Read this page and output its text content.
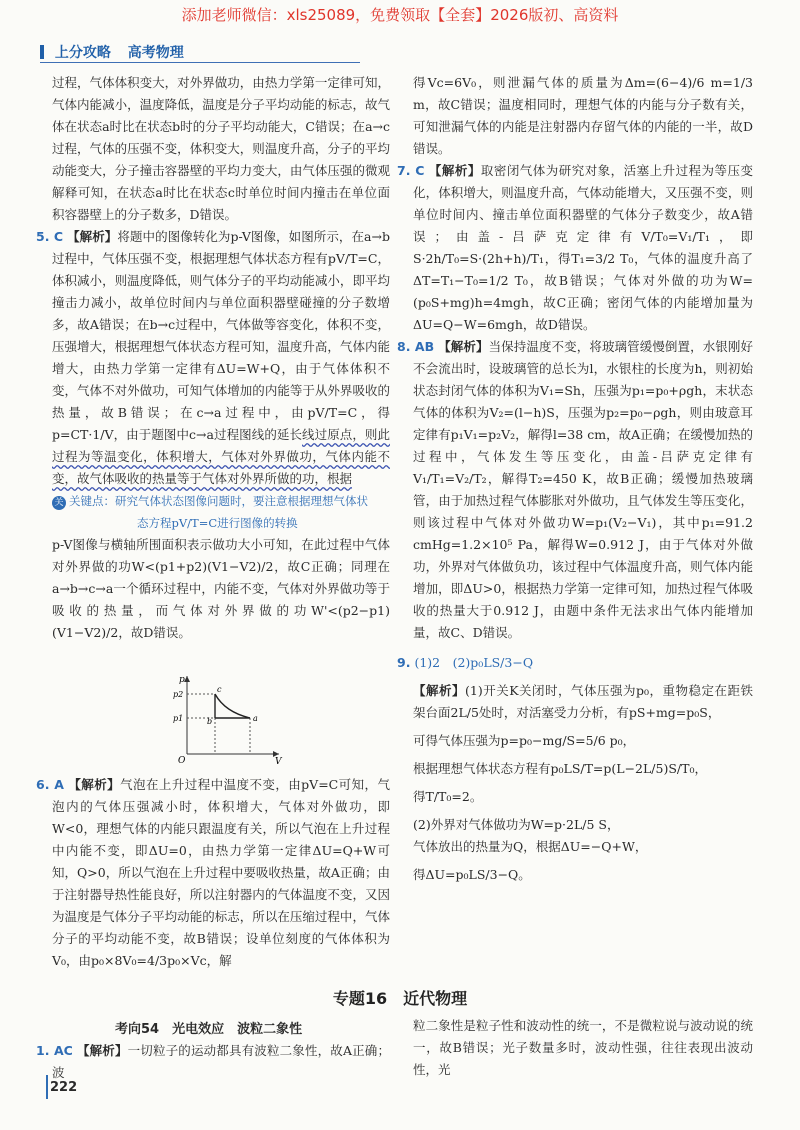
添加老师微信：xls25089，免费领取【全套】2026版初、高资料
上分攻略 高考物理

过程，气体体积变大，对外界做功，由热力学第一定律可知，气体内能减小，温度降低，温度是分子平均动能的标志，故气体在状态a时比在状态b时的分子平均动能大，C错误；在a→c过程，气体的压强不变，体积变大，则温度升高，分子的平均动能变大，分子撞击容器壁的平均力变大，由气体压强的微观解释可知，在状态a时比在状态c时单位时间内撞击在单位面积容器壁上的分子数多，D错误。

5. C 【解析】将题中的图像转化为p-V图像，如图所示，在a→b过程中，气体压强不变，根据理想气体状态方程有pV/T=C，体积减小，则温度降低，则气体分子的平均动能减小，即平均撞击力减小，故单位时间内与单位面积器壁碰撞的分子数增多，故A错误；在b→c过程中，气体做等容变化，体积不变，压强增大，根据理想气体状态方程可知，温度升高，气体内能增大，由热力学第一定律有ΔU=W+Q，由于气体体积不变，气体不对外做功，可知气体增加的内能等于从外界吸收的热量，故B错误；在c→a过程中，由pV/T=C，得p=CT·1/V，由于题图中c→a过程图线的延长线过原点，则此过程为等温变化，体积增大，气体对外界做功，气体内能不变，故气体吸收的热量等于气体对外界所做的功，根据

关 关键点：研究气体状态图像问题时，要注意根据理想气体状
态方程pV/T=C进行图像的转换

p-V图像与横轴所围面积表示做功大小可知，在此过程中气体对外界做的功W<(p1+p2)(V1−V2)/2，故C正确；同理在a→b→c→a一个循环过程中，内能不变，气体对外界做功等于吸收的热量，而气体对外界做的功W'<(p2−p1)(V1−V2)/2，故D错误。

6. A 【解析】气泡在上升过程中温度不变，由pV=C可知，气泡内的气体压强减小时，体积增大，气体对外做功，即W<0，理想气体的内能只跟温度有关，所以气泡在上升过程中内能不变，即ΔU=0，由热力学第一定律ΔU=Q+W可知，Q>0，所以气泡在上升过程中要吸收热量，故A正确；由于注射器导热性能良好，所以注射器内的气体温度不变，又因为温度是气体分子平均动能的标志，所以在压缩过程中，气体分子的平均动能不变，故B错误；设单位刻度的气体体积为V₀，由p₀×8V₀=4/3p₀×Vc，解

p
p2
p1
O	V
c
b	a

得Vc=6V₀，则泄漏气体的质量为Δm=(6−4)/6 m=1/3 m，故C错误；温度相同时，理想气体的内能与分子数有关，可知泄漏气体的内能是注射器内存留气体的内能的一半，故D错误。

7. C 【解析】取密闭气体为研究对象，活塞上升过程为等压变化，体积增大，则温度升高，气体动能增大，又压强不变，则单位时间内、撞击单位面积器壁的气体分子数变少，故A错误；由盖-吕萨克定律有V/T₀=V₁/T₁，即S·2h/T₀=S·(2h+h)/T₁，得T₁=3/2 T₀，气体的温度升高了ΔT=T₁−T₀=1/2 T₀，故B错误；气体对外做的功为W=(p₀S+mg)h=4mgh，故C正确；密闭气体的内能增加量为ΔU=Q−W=6mgh，故D错误。

8. AB 【解析】当保持温度不变，将玻璃管缓慢倒置，水银刚好不会流出时，设玻璃管的总长为l，水银柱的长度为h，则初始状态封闭气体的体积为V₁=Sh，压强为p₁=p₀+ρgh，末状态气体的体积为V₂=(l−h)S，压强为p₂=p₀−ρgh，则由玻意耳定律有p₁V₁=p₂V₂，解得l=38 cm，故A正确；在缓慢加热的过程中，气体发生等压变化，由盖-吕萨克定律有V₁/T₁=V₂/T₂，解得T₂=450 K，故B正确；缓慢加热玻璃管，由于加热过程气体膨胀对外做功，且气体发生等压变化，则该过程中气体对外做功W=p₁(V₂−V₁)，其中p₁=91.2 cmHg=1.2×10⁵ Pa，解得W=0.912 J，由于气体对外做功，外界对气体做负功，该过程中气体温度升高，则气体内能增加，即ΔU>0，根据热力学第一定律可知，加热过程气体吸收的热量大于0.912 J，由题中条件无法求出气体内能增加量，故C、D错误。

9. (1)2　(2)p₀LS/3−Q

【解析】(1)开关K关闭时，气体压强为p₀，重物稳定在距铁架台面2L/5处时，对活塞受力分析，有pS+mg=p₀S，

可得气体压强为p=p₀−mg/S=5/6 p₀，

根据理想气体状态方程有p₀LS/T=p(L−2L/5)S/T₀，

得T/T₀=2。

(2)外界对气体做功为W=p·2L/5 S，

气体放出的热量为Q，根据ΔU=−Q+W，

得ΔU=p₀LS/3−Q。

专题16　近代物理
考向54　光电效应　波粒二象性
1. AC 【解析】一切粒子的运动都具有波粒二象性，故A正确；波
粒二象性是粒子性和波动性的统一，不是微粒说与波动说的统一，故B错误；光子数量多时，波动性强，往往表现出波动性，光
222
